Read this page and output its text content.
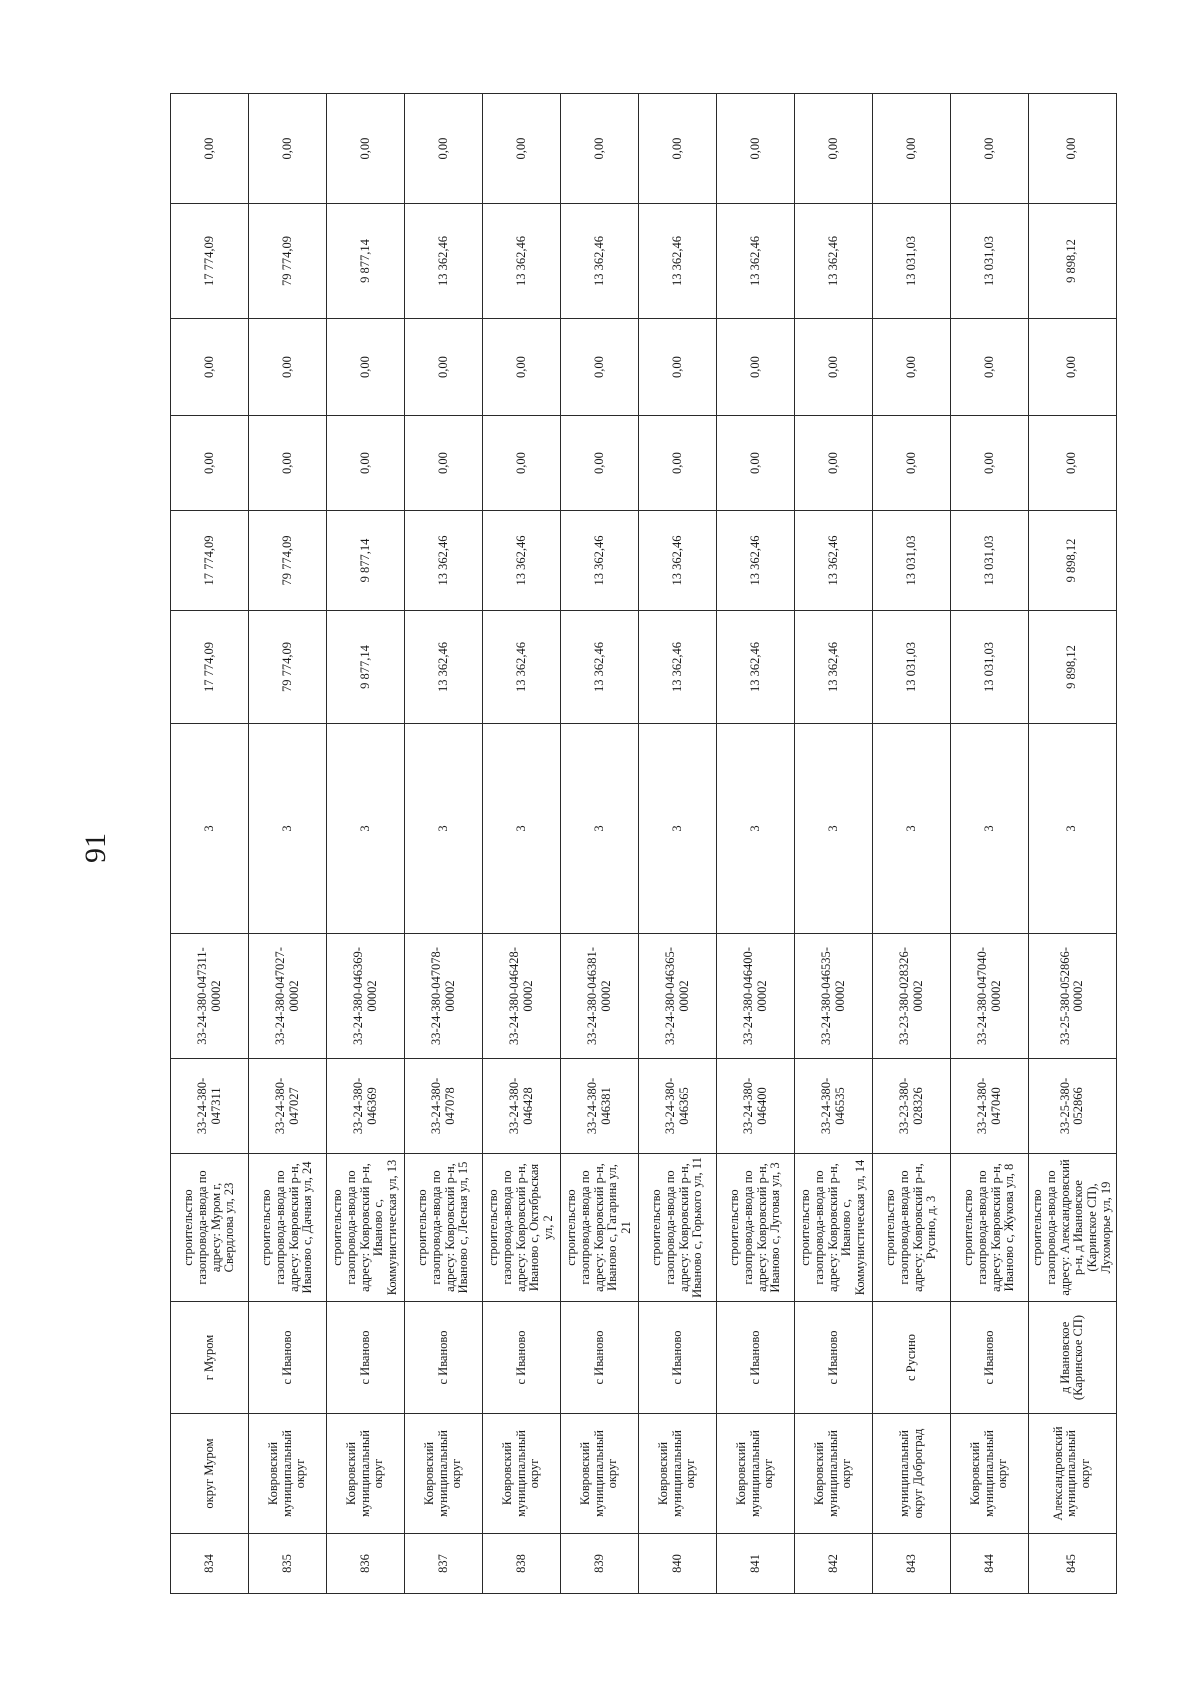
91
834	округ Муром	г Муром	строительство газопровода-ввода по адресу: Муром г, Свердлова ул, 23	33-24-380-047311	33-24-380-047311-00002	3	17 774,09	17 774,09	0,00	0,00	17 774,09	0,00
835	Ковровский муниципальный округ	с Иваново	строительство газопровода-ввода по адресу: Ковровский р-н, Иваново с, Дачная ул, 24	33-24-380-047027	33-24-380-047027-00002	3	79 774,09	79 774,09	0,00	0,00	79 774,09	0,00
836	Ковровский муниципальный округ	с Иваново	строительство газопровода-ввода по адресу: Ковровский р-н, Иваново с, Коммунистическая ул, 13	33-24-380-046369	33-24-380-046369-00002	3	9 877,14	9 877,14	0,00	0,00	9 877,14	0,00
837	Ковровский муниципальный округ	с Иваново	строительство газопровода-ввода по адресу: Ковровский р-н, Иваново с, Лесная ул, 15	33-24-380-047078	33-24-380-047078-00002	3	13 362,46	13 362,46	0,00	0,00	13 362,46	0,00
838	Ковровский муниципальный округ	с Иваново	строительство газопровода-ввода по адресу: Ковровский р-н, Иваново с, Октябрьская ул, 2	33-24-380-046428	33-24-380-046428-00002	3	13 362,46	13 362,46	0,00	0,00	13 362,46	0,00
839	Ковровский муниципальный округ	с Иваново	строительство газопровода-ввода по адресу: Ковровский р-н, Иваново с, Гагарина ул, 21	33-24-380-046381	33-24-380-046381-00002	3	13 362,46	13 362,46	0,00	0,00	13 362,46	0,00
840	Ковровский муниципальный округ	с Иваново	строительство газопровода-ввода по адресу: Ковровский р-н, Иваново с, Горького ул, 11	33-24-380-046365	33-24-380-046365-00002	3	13 362,46	13 362,46	0,00	0,00	13 362,46	0,00
841	Ковровский муниципальный округ	с Иваново	строительство газопровода-ввода по адресу: Ковровский р-н, Иваново с, Луговая ул, 3	33-24-380-046400	33-24-380-046400-00002	3	13 362,46	13 362,46	0,00	0,00	13 362,46	0,00
842	Ковровский муниципальный округ	с Иваново	строительство газопровода-ввода по адресу: Ковровский р-н, Иваново с, Коммунистическая ул, 14	33-24-380-046535	33-24-380-046535-00002	3	13 362,46	13 362,46	0,00	0,00	13 362,46	0,00
843	муниципальный округ Доброград	с Русино	строительство газопровода-ввода по адресу: Ковровский р-н, Русино, д. 3	33-23-380-028326	33-23-380-028326-00002	3	13 031,03	13 031,03	0,00	0,00	13 031,03	0,00
844	Ковровский муниципальный округ	с Иваново	строительство газопровода-ввода по адресу: Ковровский р-н, Иваново с, Жукова ул, 8	33-24-380-047040	33-24-380-047040-00002	3	13 031,03	13 031,03	0,00	0,00	13 031,03	0,00
845	Александровский муниципальный округ	д Ивановское (Каринское СП)	строительство газопровода-ввода по адресу: Александровский р-н, д Ивановское (Каринское СП), Лухоморье ул, 19	33-25-380-052866	33-25-380-052866-00002	3	9 898,12	9 898,12	0,00	0,00	9 898,12	0,00
